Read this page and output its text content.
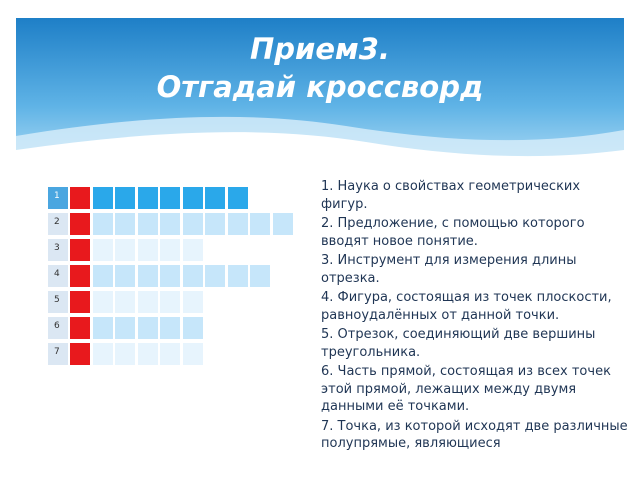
Прием3.
Отгадай кроссворд
1
2
3
4
5
6
7
1. Наука о свойствах геометрических фигур.
2. Предложение, с помощью которого вводят новое понятие.
3. Инструмент для измерения длины отрезка.
4. Фигура, состоящая из точек плоскости, равноудалённых от данной точки.
5. Отрезок, соединяющий две вершины треугольника.
6. Часть прямой, состоящая из всех точек этой прямой, лежащих между двумя данными её точками.
7. Точка, из которой исходят две различные полупрямые, являющиеся
